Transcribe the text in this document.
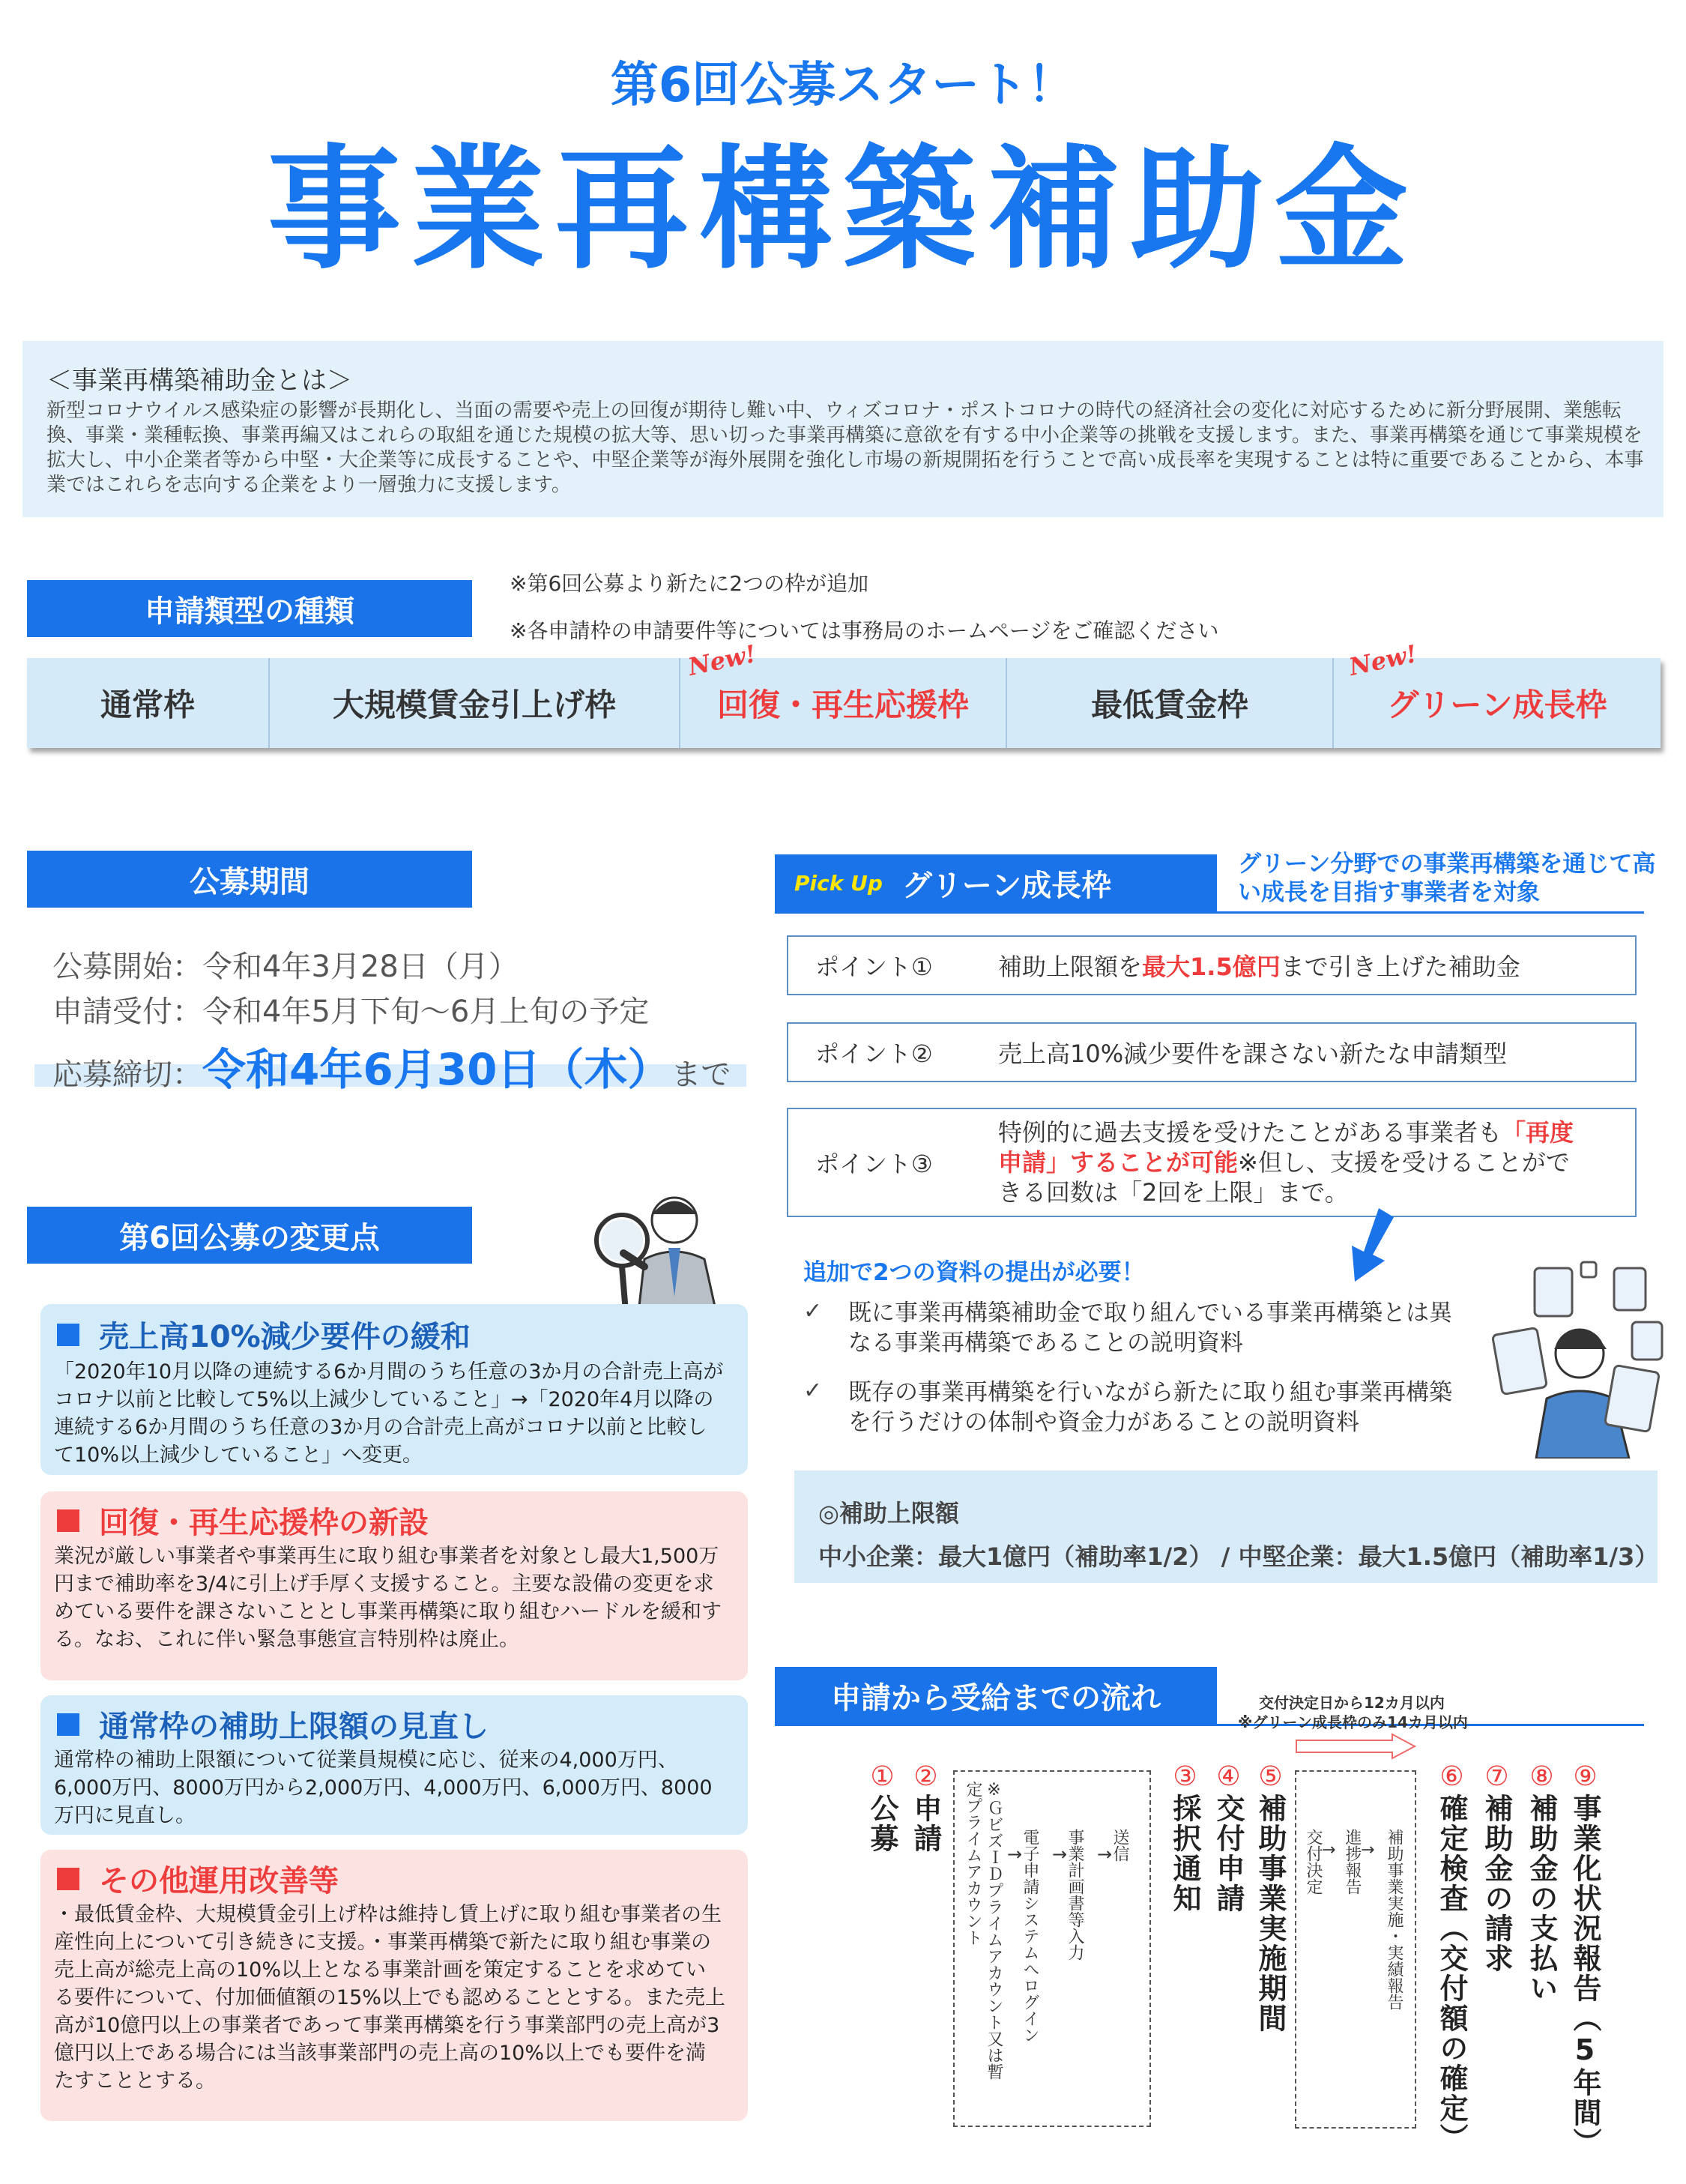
第6回公募スタート！
事業再構築補助金
＜事業再構築補助金とは＞
新型コロナウイルス感染症の影響が長期化し、当面の需要や売上の回復が期待し難い中、ウィズコロナ・ポストコロナの時代の経済社会の変化に対応するために新分野展開、業態転換、事業・業種転換、事業再編又はこれらの取組を通じた規模の拡大等、思い切った事業再構築に意欲を有する中小企業等の挑戦を支援します。また、事業再構築を通じて事業規模を拡大し、中小企業者等から中堅・大企業等に成長することや、中堅企業等が海外展開を強化し市場の新規開拓を行うことで高い成長率を実現することは特に重要であることから、本事業ではこれらを志向する企業をより一層強力に支援します。
申請類型の種類
※第6回公募より新たに2つの枠が追加
※各申請枠の申請要件等については事務局のホームページをご確認ください
通常枠	大規模賃金引上げ枠	回復・再生応援枠	最低賃金枠	グリーン成長枠
New!	New!
公募期間
公募開始：令和4年3月28日（月）
申請受付：令和4年5月下旬～6月上旬の予定
応募締切： 令和4年6月30日（木） まで
第6回公募の変更点
売上高10%減少要件の緩和
「2020年10月以降の連続する6か月間のうち任意の3か月の合計売上高がコロナ以前と比較して5%以上減少していること」→「2020年4月以降の連続する6か月間のうち任意の3か月の合計売上高がコロナ以前と比較して10%以上減少していること」へ変更。
回復・再生応援枠の新設
業況が厳しい事業者や事業再生に取り組む事業者を対象とし最大1,500万円まで補助率を3/4に引上げ手厚く支援すること。主要な設備の変更を求めている要件を課さないこととし事業再構築に取り組むハードルを緩和する。なお、これに伴い緊急事態宣言特別枠は廃止。
通常枠の補助上限額の見直し
通常枠の補助上限額について従業員規模に応じ、従来の4,000万円、6,000万円、8000万円から2,000万円、4,000万円、6,000万円、8000万円に見直し。
その他運用改善等
・最低賃金枠、大規模賃金引上げ枠は維持し賃上げに取り組む事業者の生産性向上について引き続きに支援。・事業再構築で新たに取り組む事業の売上高が総売上高の10%以上となる事業計画を策定することを求めている要件について、付加価値額の15%以上でも認めることとする。また売上高が10億円以上の事業者であって事業再構築を行う事業部門の売上高が3億円以上である場合には当該事業部門の売上高の10%以上でも要件を満たすこととする。
Pick Up グリーン成長枠
グリーン分野での事業再構築を通じて高い成長を目指す事業者を対象
ポイント①	補助上限額を最大1.5億円まで引き上げた補助金
ポイント②	売上高10%減少要件を課さない新たな申請類型
ポイント③
特例的に過去支援を受けたことがある事業者も「再度申請」することが可能※但し、支援を受けることができる回数は「2回を上限」まで。
追加で2つの資料の提出が必要！
✓	既に事業再構築補助金で取り組んでいる事業再構築とは異なる事業再構築であることの説明資料
✓	既存の事業再構築を行いながら新たに取り組む事業再構築を行うだけの体制や資金力があることの説明資料
◎補助上限額
中小企業：最大1億円（補助率1/2） / 中堅企業：最大1.5億円（補助率1/3）
申請から受給までの流れ	交付決定日から12カ月以内
※グリーン成長枠のみ14カ月以内
①公募
②申請	※ＧビズＩＤプライムアカウント又は暫定プライムアカウント	電子申請システムへログイン
→	事業計画書等入力
→	送信
→
③採択通知
④交付申請
⑤補助事業実施期間 交付決定 → 進捗報告 → 補助事業実施・実績報告
⑥確定検査（交付額の確定）
⑦補助金の請求
⑧補助金の支払い
⑨事業化状況報告（5年間）
